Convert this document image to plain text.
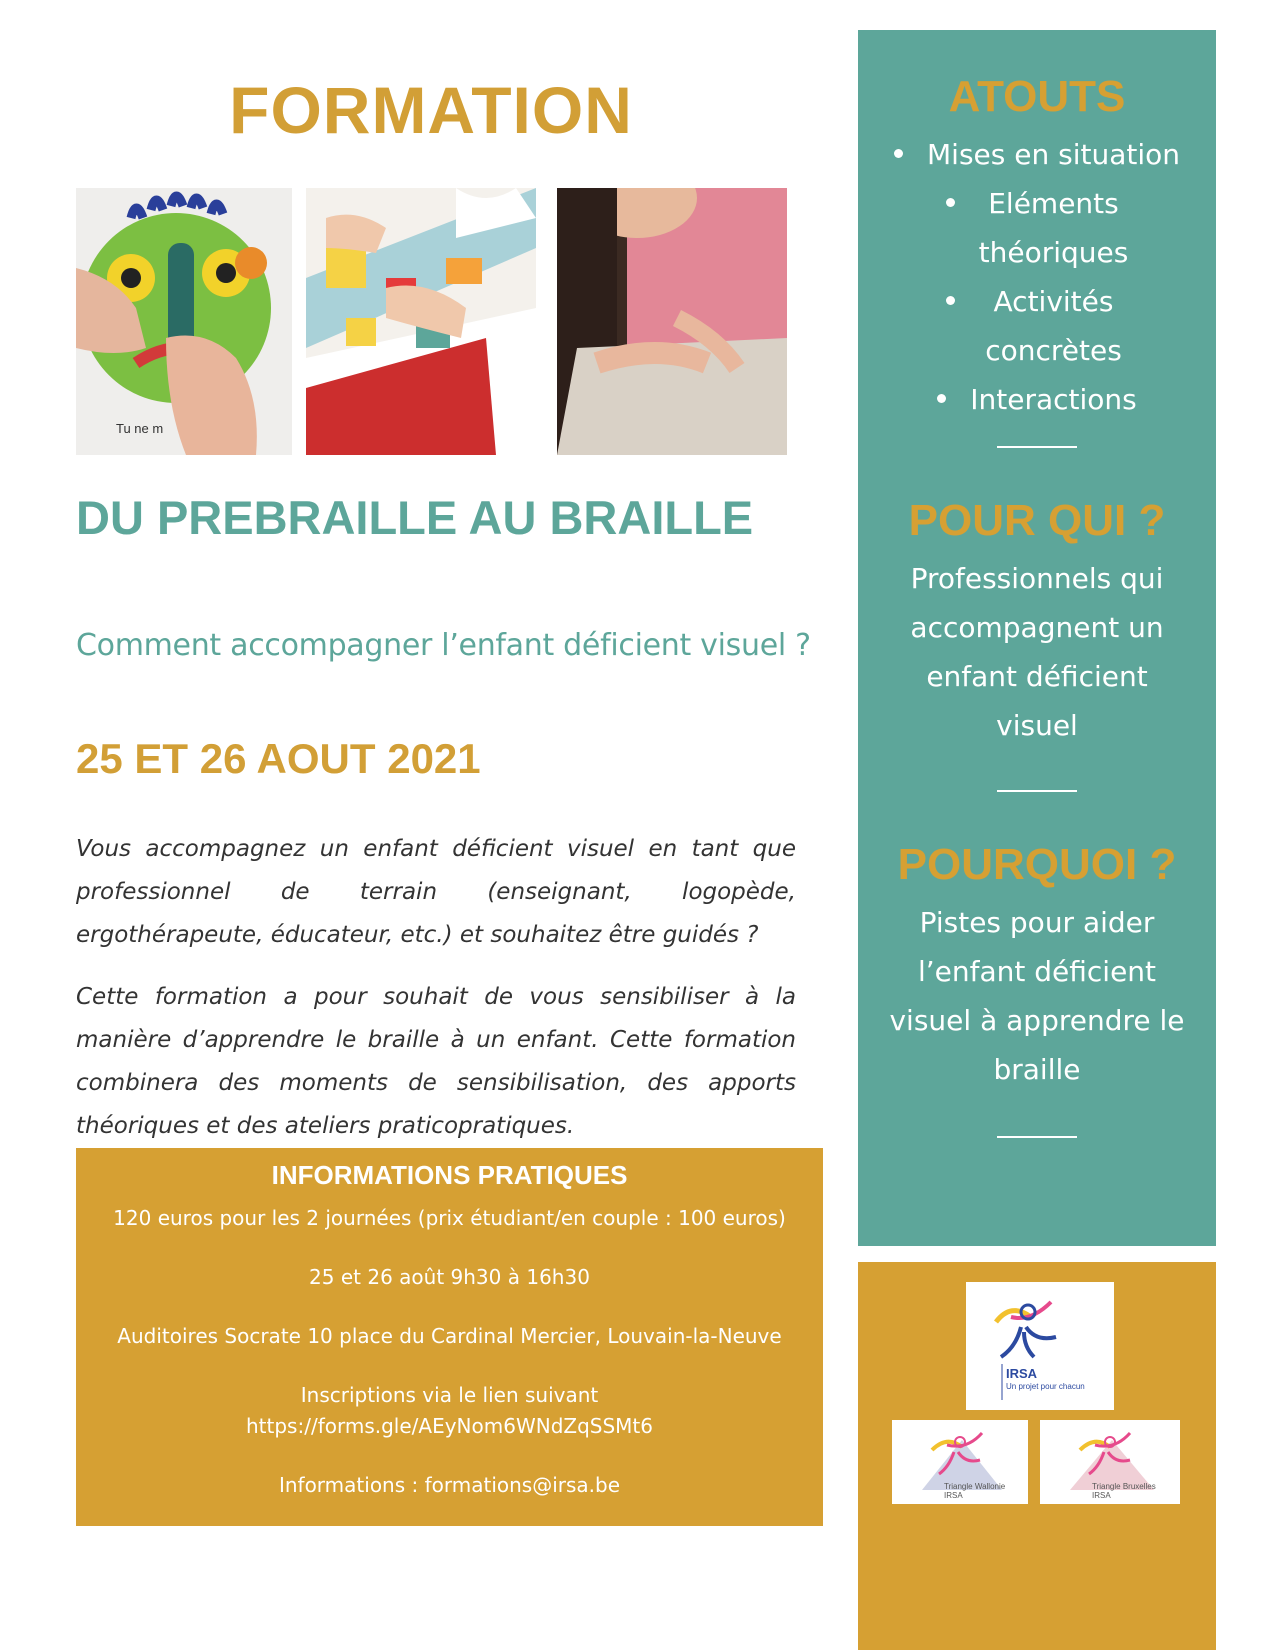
FORMATION
Tu ne m
DU PREBRAILLE AU BRAILLE
Comment accompagner l’enfant déficient visuel ?
25 ET 26 AOUT 2021

Vous accompagnez un enfant déficient visuel en tant que professionnel de terrain (enseignant, logopède, ergothérapeute, éducateur, etc.) et souhaitez être guidés ?

Cette formation a pour souhait de vous sensibiliser à la manière d’apprendre le braille à un enfant. Cette formation combinera des moments de sensibilisation, des apports théoriques et des ateliers praticopratiques.

INFORMATIONS PRATIQUES

120 euros pour les 2 journées (prix étudiant/en couple : 100 euros)

25 et 26 août 9h30 à 16h30

Auditoires Socrate 10 place du Cardinal Mercier, Louvain-la-Neuve

Inscriptions via le lien suivant

https://forms.gle/AEyNom6WNdZqSSMt6

Informations : formations@irsa.be

ATOUTS

Mises en situation
Eléments théoriques
Activités concrètes
Interactions

POUR QUI ?

Professionnels qui accompagnent un enfant déficient visuel

POURQUOI ?

Pistes pour aider l’enfant déficient visuel à apprendre le braille

IRSA
Un projet pour chacun
Triangle Wallonie IRSA
Triangle Bruxelles IRSA
